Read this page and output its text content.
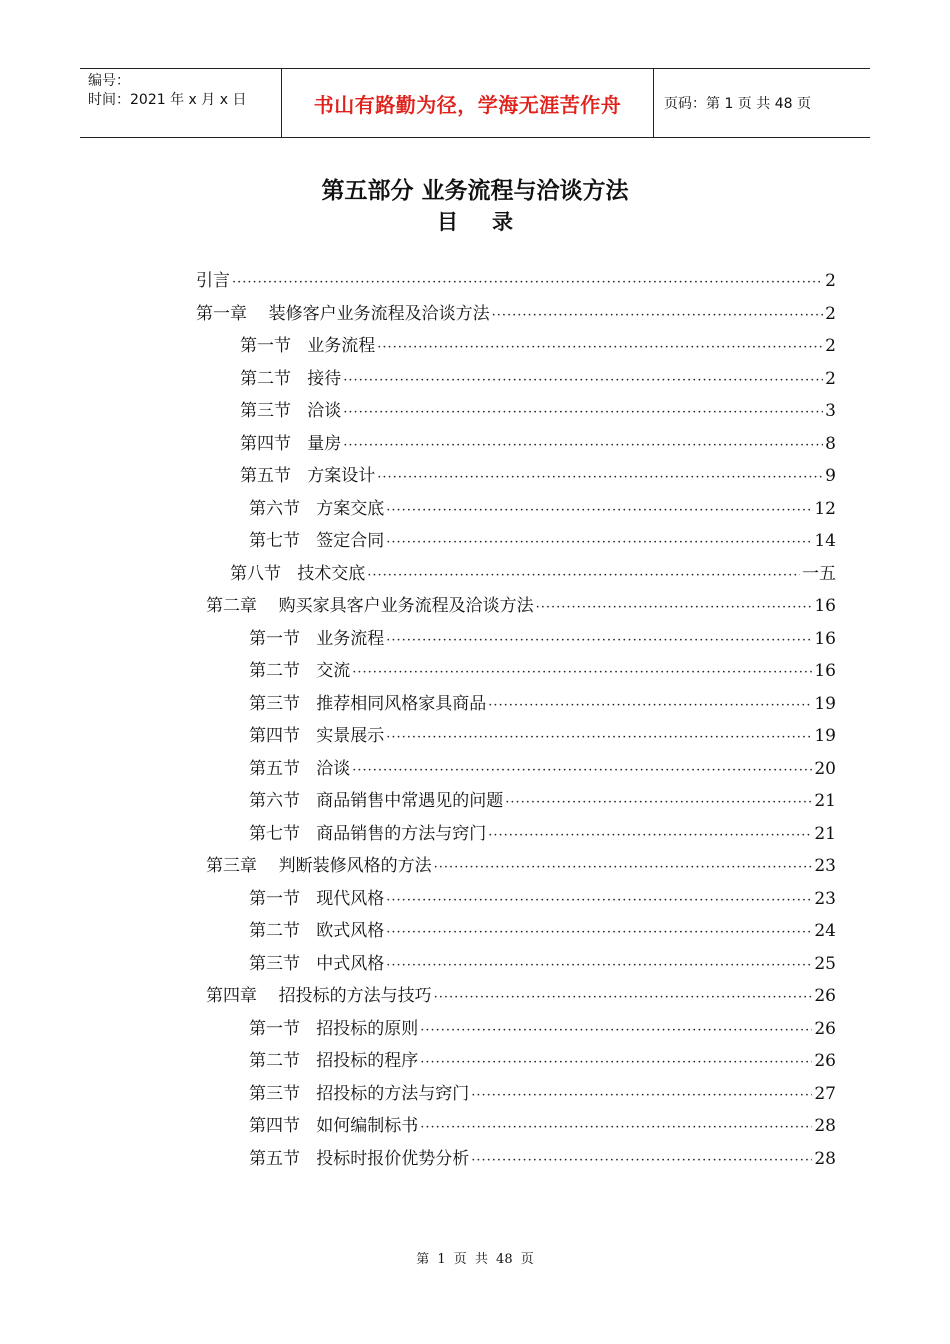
编号：
时间：2021 年 x 月 x 日	书山有路勤为径，学海无涯苦作舟	页码：第 1 页 共 48 页
第五部分 业务流程与洽谈方法
目录
引言 ·····	2
第一章    装修客户业务流程及洽谈方法 ·····	2
第一节   业务流程 ·····	2
第二节   接待 ·····	2
第三节   洽谈 ·····	3
第四节   量房 ·····	8
第五节   方案设计 ·····	9
第六节   方案交底 ·····	12
第七节   签定合同 ·····	14
第八节   技术交底 ·····	一五
第二章    购买家具客户业务流程及洽谈方法 ·····	16
第一节   业务流程 ·····	16
第二节   交流 ·····	16
第三节   推荐相同风格家具商品 ·····	19
第四节   实景展示 ·····	19
第五节   洽谈 ·····	20
第六节   商品销售中常遇见的问题 ·····	21
第七节   商品销售的方法与窍门 ·····	21
第三章    判断装修风格的方法 ·····	23
第一节   现代风格 ·····	23
第二节   欧式风格 ·····	24
第三节   中式风格 ·····	25
第四章    招投标的方法与技巧 ·····	26
第一节   招投标的原则 ·····	26
第二节   招投标的程序 ·····	26
第三节   招投标的方法与窍门 ·····	27
第四节   如何编制标书 ·····	28
第五节   投标时报价优势分析 ·····	28
第 1 页 共 48 页
